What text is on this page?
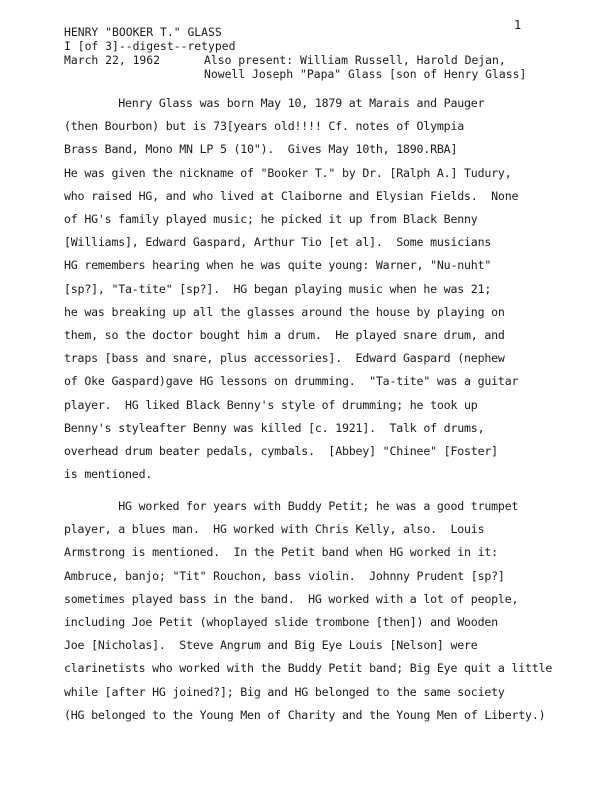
1
HENRY "BOOKER T." GLASS
I [of 3]--digest--retyped
March 22, 1962	Also present: William Russell, Harold Dejan,
Nowell Joseph "Papa" Glass [son of Henry Glass]
Henry Glass was born May 10, 1879 at Marais and Pauger
(then Bourbon) but is 73[years old!!!! Cf. notes of Olympia
Brass Band, Mono MN LP 5 (10").  Gives May 10th, 1890.RBA]
He was given the nickname of "Booker T." by Dr. [Ralph A.] Tudury,
who raised HG, and who lived at Claiborne and Elysian Fields.  None
of HG's family played music; he picked it up from Black Benny
[Williams], Edward Gaspard, Arthur Tio [et al].  Some musicians
HG remembers hearing when he was quite young: Warner, "Nu-nuht"
[sp?], "Ta-tite" [sp?].  HG began playing music when he was 21;
he was breaking up all the glasses around the house by playing on
them, so the doctor bought him a drum.  He played snare drum, and
traps [bass and snare, plus accessories].  Edward Gaspard (nephew
of Oke Gaspard)gave HG lessons on drumming.  "Ta-tite" was a guitar
player.  HG liked Black Benny's style of drumming; he took up
Benny's styleafter Benny was killed [c. 1921].  Talk of drums,
overhead drum beater pedals, cymbals.  [Abbey] "Chinee" [Foster]
is mentioned.
HG worked for years with Buddy Petit; he was a good trumpet
player, a blues man.  HG worked with Chris Kelly, also.  Louis
Armstrong is mentioned.  In the Petit band when HG worked in it:
Ambruce, banjo; "Tit" Rouchon, bass violin.  Johnny Prudent [sp?]
sometimes played bass in the band.  HG worked with a lot of people,
including Joe Petit (whoplayed slide trombone [then]) and Wooden
Joe [Nicholas].  Steve Angrum and Big Eye Louis [Nelson] were
clarinetists who worked with the Buddy Petit band; Big Eye quit a little
while [after HG joined?]; Big and HG belonged to the same society
(HG belonged to the Young Men of Charity and the Young Men of Liberty.)
